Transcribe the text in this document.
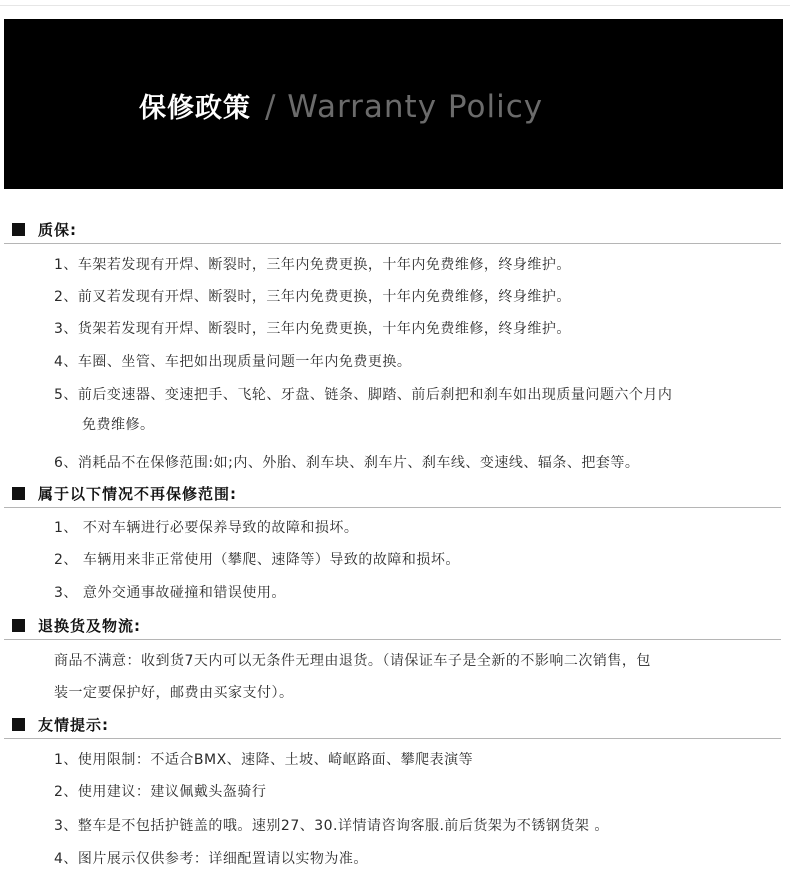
保修政策 / Warranty Policy
质保:
1、车架若发现有开焊、断裂时，三年内免费更换，十年内免费维修，终身维护。
2、前叉若发现有开焊、断裂时，三年内免费更换，十年内免费维修，终身维护。
3、货架若发现有开焊、断裂时，三年内免费更换，十年内免费维修，终身维护。
4、车圈、坐管、车把如出现质量问题一年内免费更换。
5、前后变速器、变速把手、飞轮、牙盘、链条、脚踏、前后刹把和刹车如出现质量问题六个月内
免费维修。
6、消耗品不在保修范围:如;内、外胎、刹车块、刹车片、刹车线、变速线、辐条、把套等。
属于以下情况不再保修范围:
1、 不对车辆进行必要保养导致的故障和损坏。
2、 车辆用来非正常使用（攀爬、速降等）导致的故障和损坏。
3、 意外交通事故碰撞和错误使用。
退换货及物流:
商品不满意：收到货7天内可以无条件无理由退货。（请保证车子是全新的不影响二次销售，包
装一定要保护好，邮费由买家支付）。
友情提示:
1、使用限制：不适合BMX、速降、土坡、崎岖路面、攀爬表演等
2、使用建议：建议佩戴头盔骑行
3、整车是不包括护链盖的哦。速别27、30.详情请咨询客服.前后货架为不锈钢货架 。
4、图片展示仅供参考：详细配置请以实物为准。
